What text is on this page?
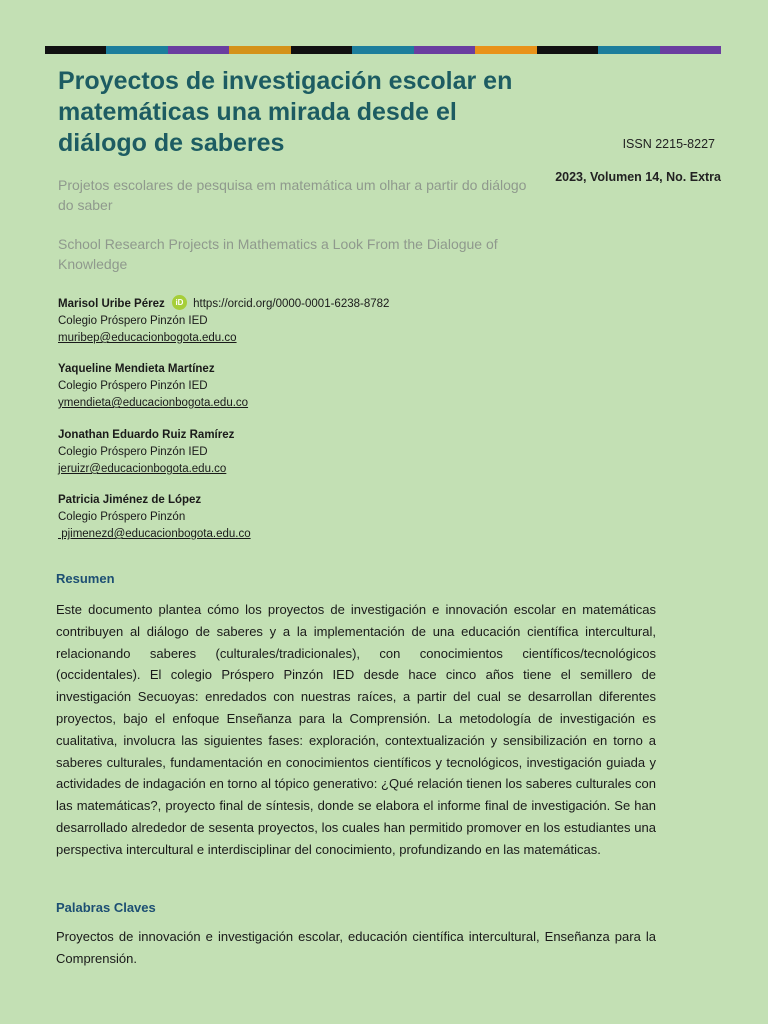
Proyectos de investigación escolar en matemáticas una mirada desde el diálogo de saberes	ISSN 2215-8227
2023, Volumen 14, No. Extra

Projetos escolares de pesquisa em matemática um olhar a partir do diálogo do saber

School Research Projects in Mathematics a Look From the Dialogue of Knowledge

Marisol Uribe Pérez iD https://orcid.org/0000-0001-6238-8782
Colegio Próspero Pinzón IED
muribep@educacionbogota.edu.co
Yaqueline Mendieta Martínez
Colegio Próspero Pinzón IED
ymendieta@educacionbogota.edu.co
Jonathan Eduardo Ruiz Ramírez
Colegio Próspero Pinzón IED
jeruizr@educacionbogota.edu.co
Patricia Jiménez de López
Colegio Próspero Pinzón
pjimenezd@educacionbogota.edu.co
Resumen

Este documento plantea cómo los proyectos de investigación e innovación escolar en matemáticas contribuyen al diálogo de saberes y a la implementación de una educación científica intercultural, relacionando saberes (culturales/tradicionales), con conocimientos científicos/tecnológicos (occidentales). El colegio Próspero Pinzón IED desde hace cinco años tiene el semillero de investigación Secuoyas: enredados con nuestras raíces, a partir del cual se desarrollan diferentes proyectos, bajo el enfoque Enseñanza para la Comprensión. La metodología de investigación es cualitativa, involucra las siguientes fases: exploración, contextualización y sensibilización en torno a saberes culturales, fundamentación en conocimientos científicos y tecnológicos, investigación guiada y actividades de indagación en torno al tópico generativo: ¿Qué relación tienen los saberes culturales con las matemáticas?, proyecto final de síntesis, donde se elabora el informe final de investigación. Se han desarrollado alrededor de sesenta proyectos, los cuales han permitido promover en los estudiantes una perspectiva intercultural e interdisciplinar del conocimiento, profundizando en las matemáticas.

Palabras Claves

Proyectos de innovación e investigación escolar, educación científica intercultural, Enseñanza para la Comprensión.
